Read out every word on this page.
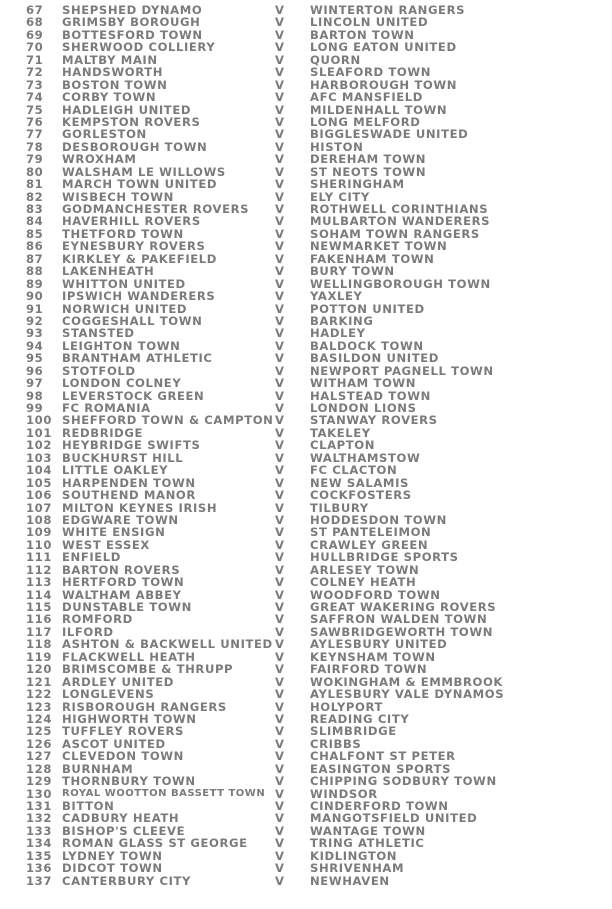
67 SHEPSHED DYNAMO	V WINTERTON RANGERS
68 GRIMSBY BOROUGH	V LINCOLN UNITED
69 BOTTESFORD TOWN	V BARTON TOWN
70 SHERWOOD COLLIERY	V LONG EATON UNITED
71 MALTBY MAIN	V QUORN
72 HANDSWORTH	V SLEAFORD TOWN
73 BOSTON TOWN	V HARBOROUGH TOWN
74 CORBY TOWN	V AFC MANSFIELD
75 HADLEIGH UNITED	V MILDENHALL TOWN
76 KEMPSTON ROVERS	V LONG MELFORD
77 GORLESTON	V BIGGLESWADE UNITED
78 DESBOROUGH TOWN	V HISTON
79 WROXHAM	V DEREHAM TOWN
80 WALSHAM LE WILLOWS	V ST NEOTS TOWN
81 MARCH TOWN UNITED	V SHERINGHAM
82 WISBECH TOWN	V ELY CITY
83 GODMANCHESTER ROVERS V ROTHWELL CORINTHIANS
84 HAVERHILL ROVERS	V MULBARTON WANDERERS
85 THETFORD TOWN	V SOHAM TOWN RANGERS
86 EYNESBURY ROVERS	V NEWMARKET TOWN
87 KIRKLEY & PAKEFIELD	V FAKENHAM TOWN
88 LAKENHEATH	V BURY TOWN
89 WHITTON UNITED	V WELLINGBOROUGH TOWN
90 IPSWICH WANDERERS	V YAXLEY
91 NORWICH UNITED	V POTTON UNITED
92 COGGESHALL TOWN	V BARKING
93 STANSTED	V HADLEY
94 LEIGHTON TOWN	V BALDOCK TOWN
95 BRANTHAM ATHLETIC	V BASILDON UNITED
96 STOTFOLD	V NEWPORT PAGNELL TOWN
97 LONDON COLNEY	V WITHAM TOWN
98 LEVERSTOCK GREEN	V HALSTEAD TOWN
99 FC ROMANIA	V LONDON LIONS
100 SHEFFORD TOWN & CAMPTON V STANWAY ROVERS
101 REDBRIDGE	V TAKELEY
102 HEYBRIDGE SWIFTS	V CLAPTON
103 BUCKHURST HILL	V WALTHAMSTOW
104 LITTLE OAKLEY	V FC CLACTON
105 HARPENDEN TOWN	V NEW SALAMIS
106 SOUTHEND MANOR	V COCKFOSTERS
107 MILTON KEYNES IRISH	V TILBURY
108 EDGWARE TOWN	V HODDESDON TOWN
109 WHITE ENSIGN	V ST PANTELEIMON
110 WEST ESSEX	V CRAWLEY GREEN
111 ENFIELD	V HULLBRIDGE SPORTS
112 BARTON ROVERS	V ARLESEY TOWN
113 HERTFORD TOWN	V COLNEY HEATH
114 WALTHAM ABBEY	V WOODFORD TOWN
115 DUNSTABLE TOWN	V GREAT WAKERING ROVERS
116 ROMFORD	V SAFFRON WALDEN TOWN
117 ILFORD	V SAWBRIDGEWORTH TOWN
118 ASHTON & BACKWELL UNITED V AYLESBURY UNITED
119 FLACKWELL HEATH	V KEYNSHAM TOWN
120 BRIMSCOMBE & THRUPP	V FAIRFORD TOWN
121 ARDLEY UNITED	V WOKINGHAM & EMMBROOK
122 LONGLEVENS	V AYLESBURY VALE DYNAMOS
123 RISBOROUGH RANGERS	V HOLYPORT
124 HIGHWORTH TOWN	V READING CITY
125 TUFFLEY ROVERS	V SLIMBRIDGE
126 ASCOT UNITED	V CRIBBS
127 CLEVEDON TOWN	V CHALFONT ST PETER
128 BURNHAM	V EASINGTON SPORTS
129 THORNBURY TOWN	V CHIPPING SODBURY TOWN
130 ROYAL WOOTTON BASSETT TOWN V WINDSOR
131 BITTON	V CINDERFORD TOWN
132 CADBURY HEATH	V MANGOTSFIELD UNITED
133 BISHOP'S CLEEVE	V WANTAGE TOWN
134 ROMAN GLASS ST GEORGE V TRING ATHLETIC
135 LYDNEY TOWN	V KIDLINGTON
136 DIDCOT TOWN	V SHRIVENHAM
137 CANTERBURY CITY	V NEWHAVEN
